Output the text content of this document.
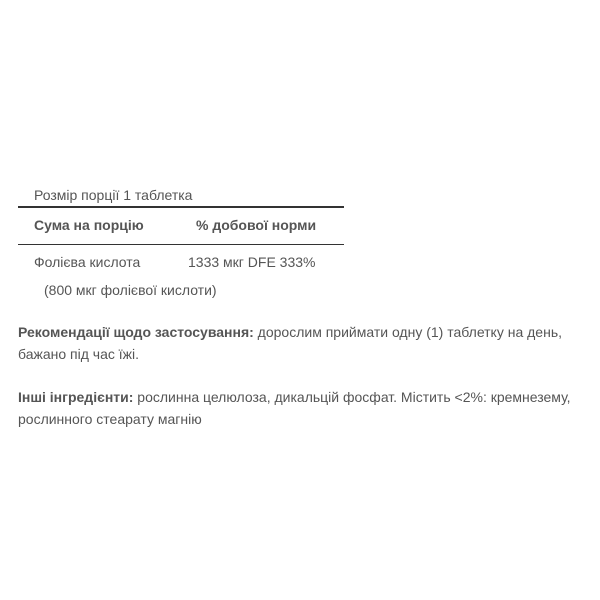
Розмір порції 1 таблетка
Сума на порцію	% добової норми
Фолієва кислота	1333 мкг DFE 333%
(800 мкг фолієвої кислоти)
Рекомендації щодо застосування: дорослим приймати одну (1) таблетку на день, бажано під час їжі.
Інші інгредієнти: рослинна целюлоза, дикальцій фосфат. Містить <2%: кремнезему, рослинного стеарату магнію
